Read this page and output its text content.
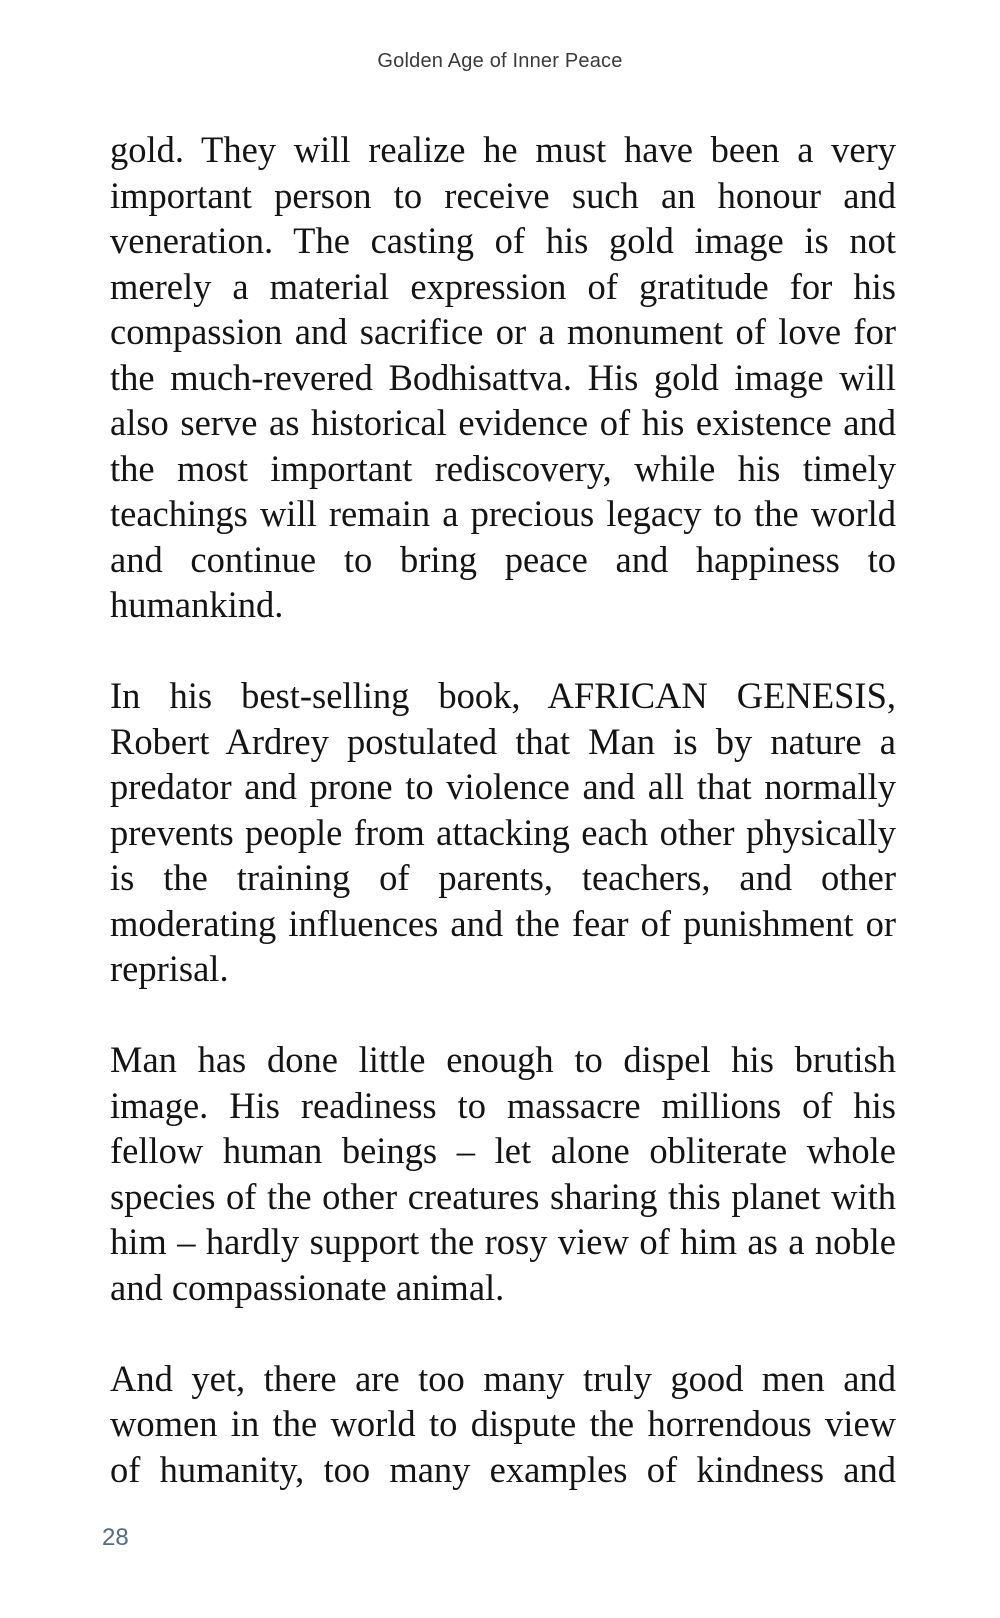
Golden Age of Inner Peace

gold. They will realize he must have been a very important person to receive such an honour and veneration. The casting of his gold image is not merely a material expression of gratitude for his compassion and sacrifice or a monument of love for the much-revered Bodhisattva. His gold image will also serve as historical evidence of his existence and the most important rediscovery, while his timely teachings will remain a precious legacy to the world and continue to bring peace and happiness to humankind.

In his best-selling book, AFRICAN GENESIS, Robert Ardrey postulated that Man is by nature a predator and prone to violence and all that normally prevents people from attacking each other physically is the training of parents, teachers, and other moderating influences and the fear of punishment or reprisal.

Man has done little enough to dispel his brutish image. His readiness to massacre millions of his fellow human beings – let alone obliterate whole species of the other creatures sharing this planet with him – hardly support the rosy view of him as a noble and compassionate animal.

And yet, there are too many truly good men and women in the world to dispute the horrendous view of humanity, too many examples of kindness and

28
